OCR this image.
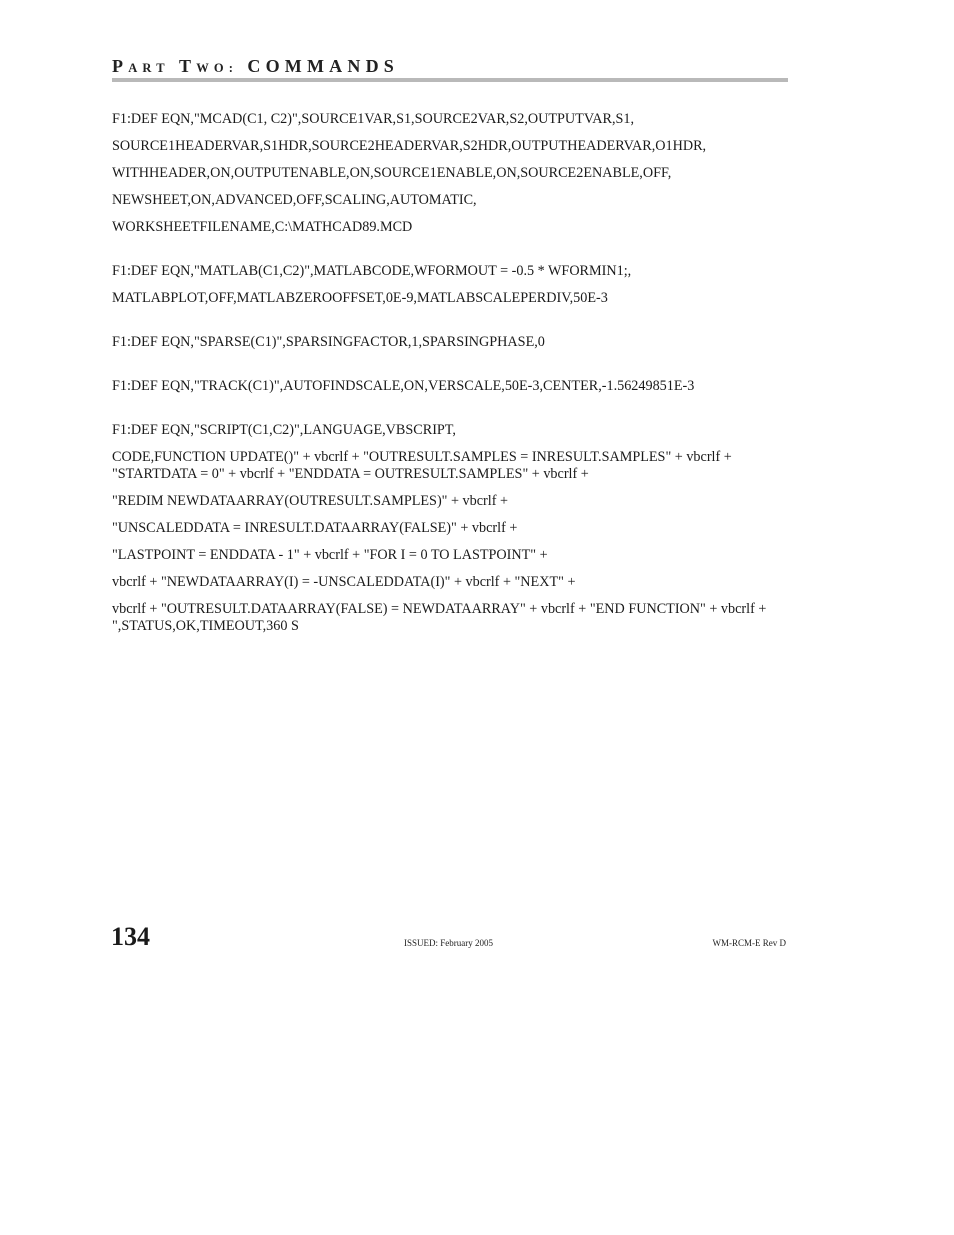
PART TWO: COMMANDS
F1:DEF EQN,"MCAD(C1, C2)",SOURCE1VAR,S1,SOURCE2VAR,S2,OUTPUTVAR,S1,
SOURCE1HEADERVAR,S1HDR,SOURCE2HEADERVAR,S2HDR,OUTPUTHEADERVAR,O1HDR,
WITHHEADER,ON,OUTPUTENABLE,ON,SOURCE1ENABLE,ON,SOURCE2ENABLE,OFF,
NEWSHEET,ON,ADVANCED,OFF,SCALING,AUTOMATIC,
WORKSHEETFILENAME,C:\MATHCAD89.MCD
F1:DEF EQN,"MATLAB(C1,C2)",MATLABCODE,WFORMOUT = -0.5 * WFORMIN1;,
MATLABPLOT,OFF,MATLABZEROOFFSET,0E-9,MATLABSCALEPERDIV,50E-3
F1:DEF EQN,"SPARSE(C1)",SPARSINGFACTOR,1,SPARSINGPHASE,0
F1:DEF EQN,"TRACK(C1)",AUTOFINDSCALE,ON,VERSCALE,50E-3,CENTER,-1.56249851E-3
F1:DEF EQN,"SCRIPT(C1,C2)",LANGUAGE,VBSCRIPT,
CODE,FUNCTION UPDATE()" + vbcrlf + "OUTRESULT.SAMPLES = INRESULT.SAMPLES" + vbcrlf + "STARTDATA = 0" + vbcrlf + "ENDDATA = OUTRESULT.SAMPLES" + vbcrlf +
"REDIM NEWDATAARRAY(OUTRESULT.SAMPLES)" + vbcrlf +
"UNSCALEDDATA = INRESULT.DATAARRAY(FALSE)" + vbcrlf +
"LASTPOINT = ENDDATA - 1" + vbcrlf + "FOR I = 0 TO LASTPOINT" +
vbcrlf + "NEWDATAARRAY(I) = -UNSCALEDDATA(I)" + vbcrlf + "NEXT" +
vbcrlf + "OUTRESULT.DATAARRAY(FALSE) = NEWDATAARRAY" + vbcrlf + "END FUNCTION" + vbcrlf + ",STATUS,OK,TIMEOUT,360 S
134	ISSUED: February 2005	WM-RCM-E Rev D
